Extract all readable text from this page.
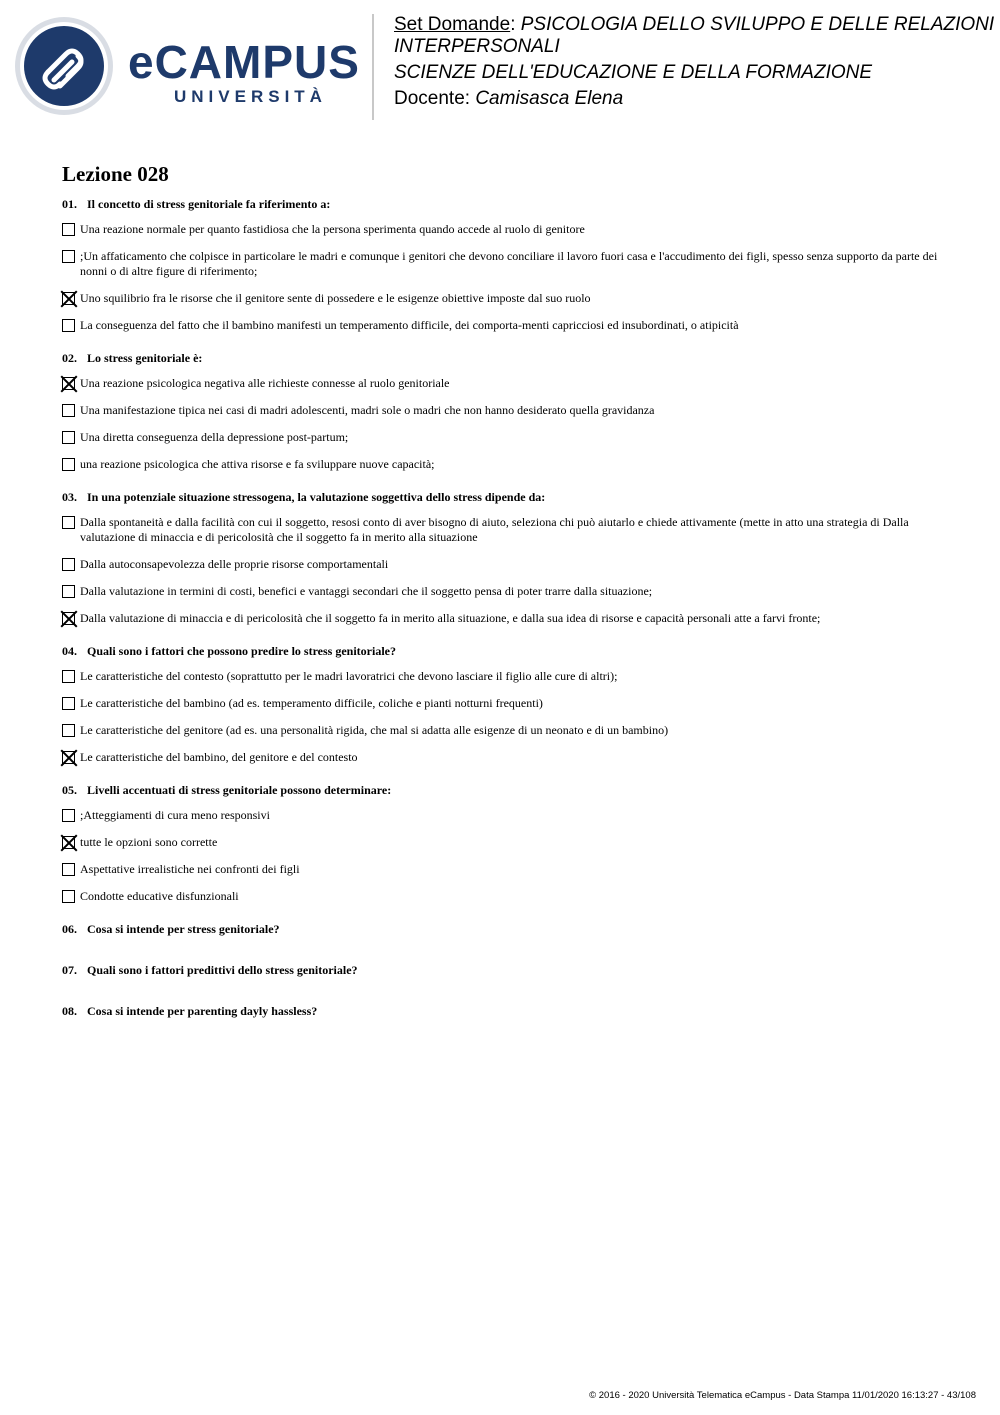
eCAMPUS
UNIVERSITÀ
Set Domande: PSICOLOGIA DELLO SVILUPPO E DELLE RELAZIONI
INTERPERSONALI
SCIENZE DELL'EDUCAZIONE E DELLA FORMAZIONE
Docente: Camisasca Elena
Lezione 028
01. Il concetto di stress genitoriale fa riferimento a:
Una reazione normale per quanto fastidiosa che la persona sperimenta quando accede al ruolo di genitore
;Un affaticamento che colpisce in particolare le madri e comunque i genitori che devono conciliare il lavoro fuori casa e l'accudimento dei figli, spesso senza supporto da parte dei nonni o di altre figure di riferimento;
Uno squilibrio fra le risorse che il genitore sente di possedere e le esigenze obiettive imposte dal suo ruolo
La conseguenza del fatto che il bambino manifesti un temperamento difficile, dei comporta-menti capricciosi ed insubordinati, o atipicità
02. Lo stress genitoriale è:
Una reazione psicologica negativa alle richieste connesse al ruolo genitoriale
Una manifestazione tipica nei casi di madri adolescenti, madri sole o madri che non hanno desiderato quella gravidanza
Una diretta conseguenza della depressione post-partum;
una reazione psicologica che attiva risorse e fa sviluppare nuove capacità;
03. In una potenziale situazione stressogena, la valutazione soggettiva dello stress dipende da:
Dalla spontaneità e dalla facilità con cui il soggetto, resosi conto di aver bisogno di aiuto, seleziona chi può aiutarlo e chiede attivamente (mette in atto una strategia di Dalla valutazione di minaccia e di pericolosità che il soggetto fa in merito alla situazione
Dalla autoconsapevolezza delle proprie risorse comportamentali
Dalla valutazione in termini di costi, benefici e vantaggi secondari che il soggetto pensa di poter trarre dalla situazione;
Dalla valutazione di minaccia e di pericolosità che il soggetto fa in merito alla situazione, e dalla sua idea di risorse e capacità personali atte a farvi fronte;
04. Quali sono i fattori che possono predire lo stress genitoriale?
Le caratteristiche del contesto (soprattutto per le madri lavoratrici che devono lasciare il figlio alle cure di altri);
Le caratteristiche del bambino (ad es. temperamento difficile, coliche e pianti notturni frequenti)
Le caratteristiche del genitore (ad es. una personalità rigida, che mal si adatta alle esigenze di un neonato e di un bambino)
Le caratteristiche del bambino, del genitore e del contesto
05. Livelli accentuati di stress genitoriale possono determinare:
;Atteggiamenti di cura meno responsivi
tutte le opzioni sono corrette
Aspettative irrealistiche nei confronti dei figli
Condotte educative disfunzionali
06. Cosa si intende per stress genitoriale?
07. Quali sono i fattori predittivi dello stress genitoriale?
08. Cosa si intende per parenting dayly hassless?
© 2016 - 2020 Università Telematica eCampus - Data Stampa 11/01/2020 16:13:27 - 43/108
